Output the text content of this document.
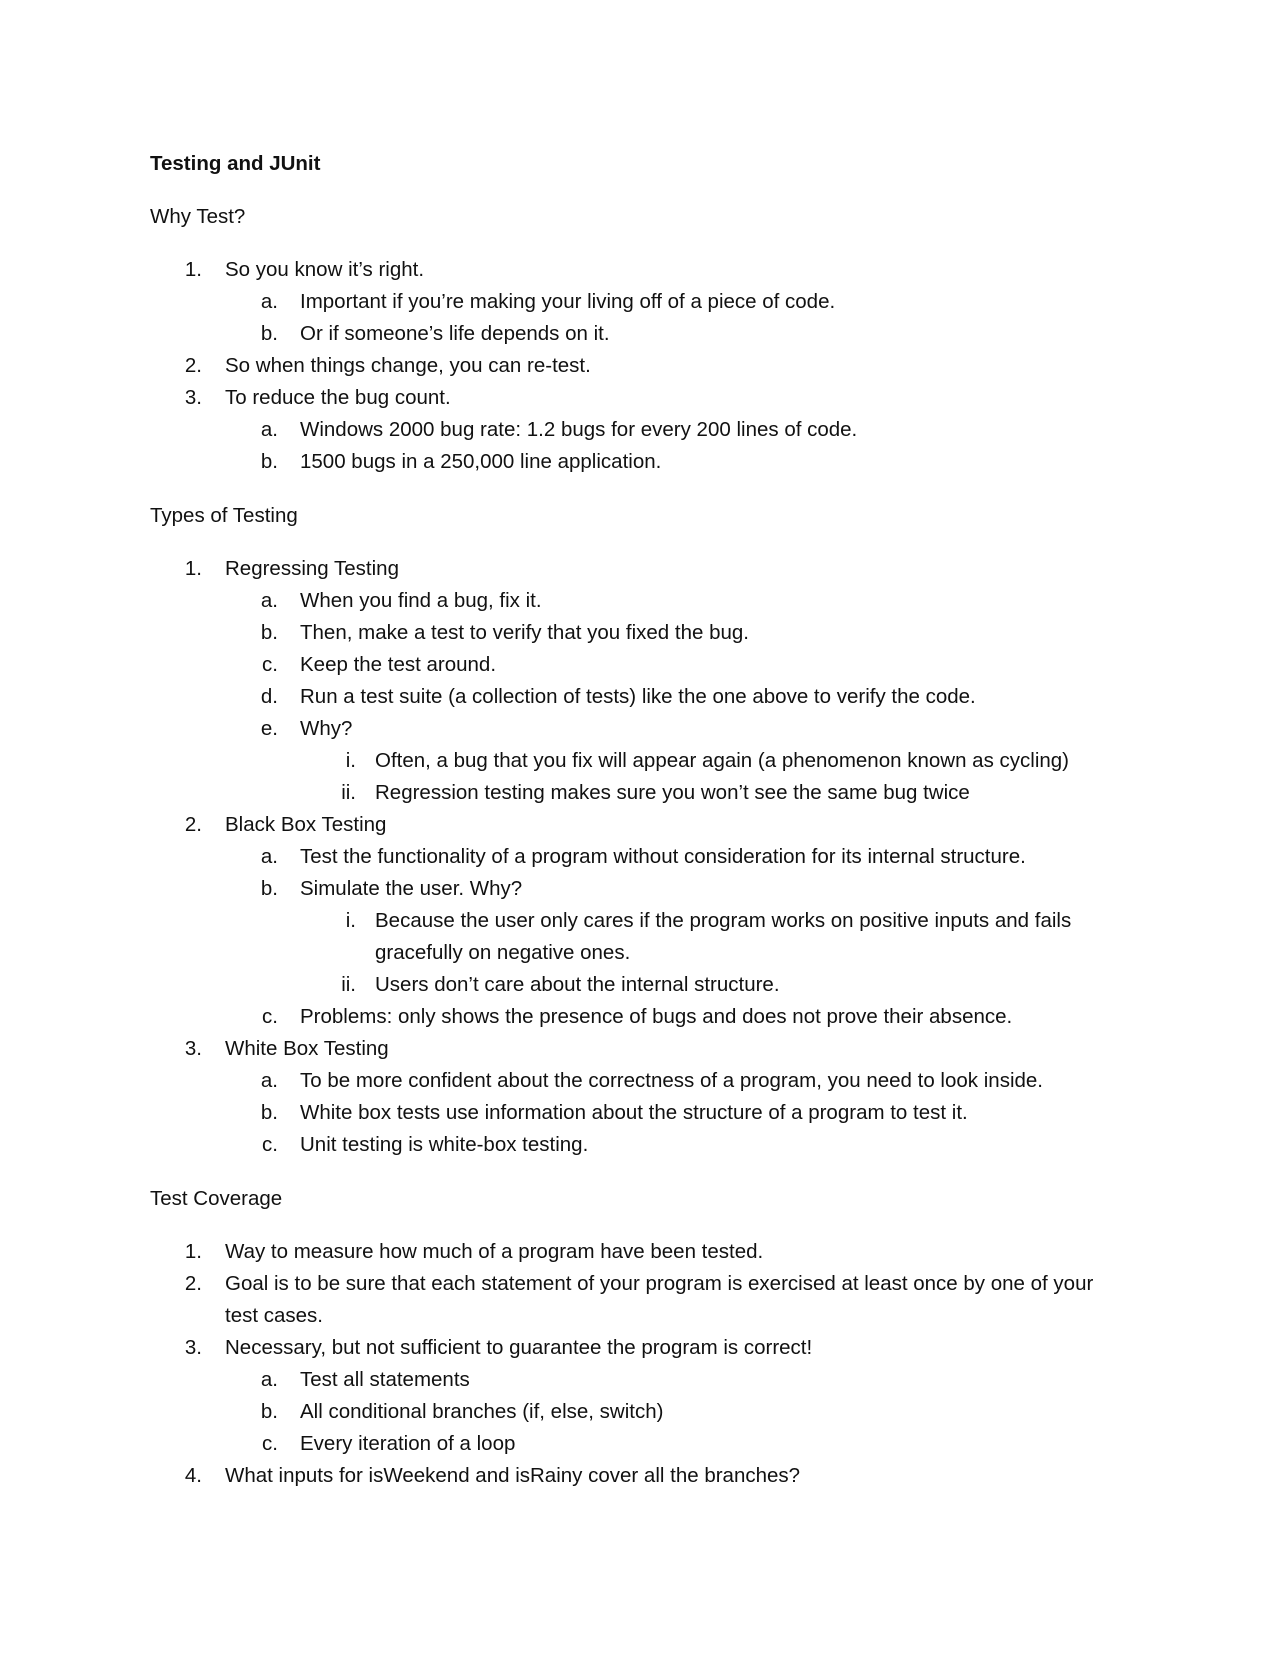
Testing and JUnit
Why Test?
1. So you know it’s right.
a. Important if you’re making your living off of a piece of code.
b. Or if someone’s life depends on it.
2. So when things change, you can re-test.
3. To reduce the bug count.
a. Windows 2000 bug rate: 1.2 bugs for every 200 lines of code.
b. 1500 bugs in a 250,000 line application.
Types of Testing
1. Regressing Testing
a. When you find a bug, fix it.
b. Then, make a test to verify that you fixed the bug.
c. Keep the test around.
d. Run a test suite (a collection of tests) like the one above to verify the code.
e. Why?
i. Often, a bug that you fix will appear again (a phenomenon known as cycling)
ii. Regression testing makes sure you won’t see the same bug twice
2. Black Box Testing
a. Test the functionality of a program without consideration for its internal structure.
b. Simulate the user. Why?
i. Because the user only cares if the program works on positive inputs and fails
gracefully on negative ones.
ii. Users don’t care about the internal structure.
c. Problems: only shows the presence of bugs and does not prove their absence.
3. White Box Testing
a. To be more confident about the correctness of a program, you need to look inside.
b. White box tests use information about the structure of a program to test it.
c. Unit testing is white-box testing.
Test Coverage
1. Way to measure how much of a program have been tested.
2. Goal is to be sure that each statement of your program is exercised at least once by one of your
test cases.
3. Necessary, but not sufficient to guarantee the program is correct!
a. Test all statements
b. All conditional branches (if, else, switch)
c. Every iteration of a loop
4. What inputs for isWeekend and isRainy cover all the branches?
